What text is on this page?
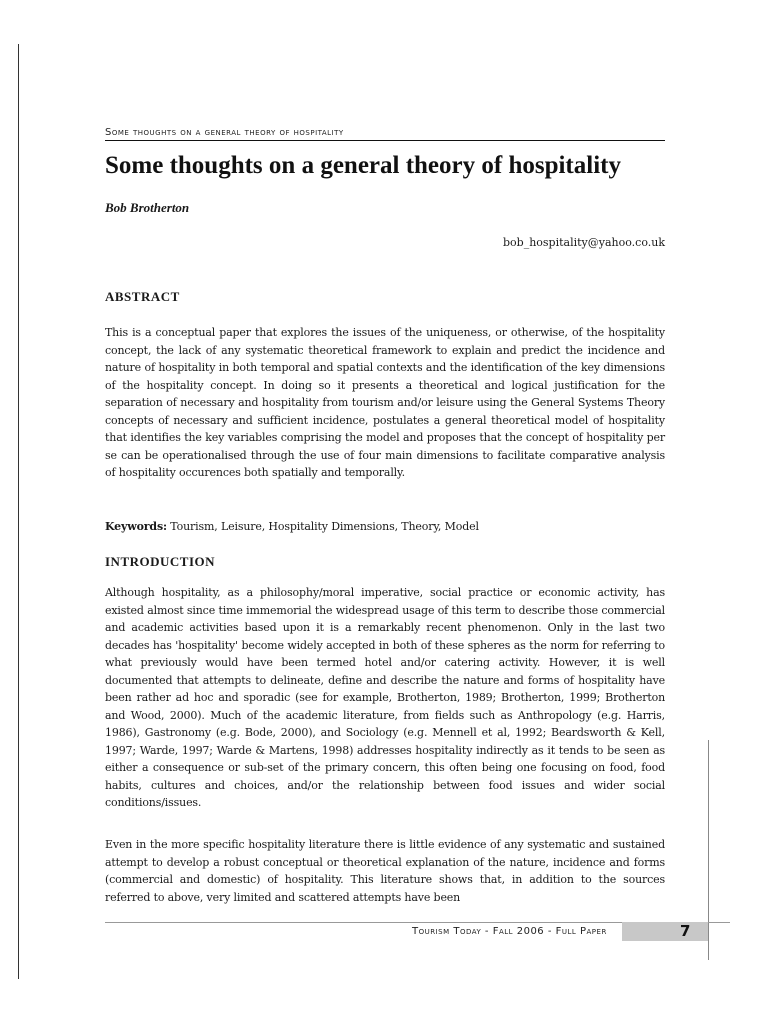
Some thoughts on a general theory of hospitality
Some thoughts on a general theory of hospitality
Bob Brotherton
bob_hospitality@yahoo.co.uk
ABSTRACT

This is a conceptual paper that explores the issues of the uniqueness, or otherwise, of the hospitality concept, the lack of any systematic theoretical framework to explain and predict the incidence and nature of hospitality in both temporal and spatial contexts and the identification of the key dimensions of the hospitality concept. In doing so it presents a theoretical and logical justification for the separation of necessary and hospitality from tourism and/or leisure using the General Systems Theory concepts of necessary and sufficient incidence, postulates a general theoretical model of hospitality that identifies the key variables comprising the model and proposes that the concept of hospitality per se can be operationalised through the use of four main dimensions to facilitate comparative analysis of hospitality occurences both spatially and temporally.

Keywords: Tourism, Leisure, Hospitality Dimensions, Theory, Model

INTRODUCTION

Although hospitality, as a philosophy/moral imperative, social practice or economic activity, has existed almost since time immemorial the widespread usage of this term to describe those commercial and academic activities based upon it is a remarkably recent phenomenon. Only in the last two decades has 'hospitality' become widely accepted in both of these spheres as the norm for referring to what previously would have been termed hotel and/or catering activity. However, it is well documented that attempts to delineate, define and describe the nature and forms of hospitality have been rather ad hoc and sporadic (see for example, Brotherton, 1989; Brotherton, 1999; Brotherton and Wood, 2000). Much of the academic literature, from fields such as Anthropology (e.g. Harris, 1986), Gastronomy (e.g. Bode, 2000), and Sociology (e.g. Mennell et al, 1992; Beardsworth & Kell, 1997; Warde, 1997; Warde & Martens, 1998) addresses hospitality indirectly as it tends to be seen as either a consequence or sub-set of the primary concern, this often being one focusing on food, food habits, cultures and choices, and/or the relationship between food issues and wider social conditions/issues.

Even in the more specific hospitality literature there is little evidence of any systematic and sustained attempt to develop a robust conceptual or theoretical explanation of the nature, incidence and forms (commercial and domestic) of hospitality. This literature shows that, in addition to the sources referred to above, very limited and scattered attempts have been

Tourism Today - Fall 2006 - Full Paper	7
